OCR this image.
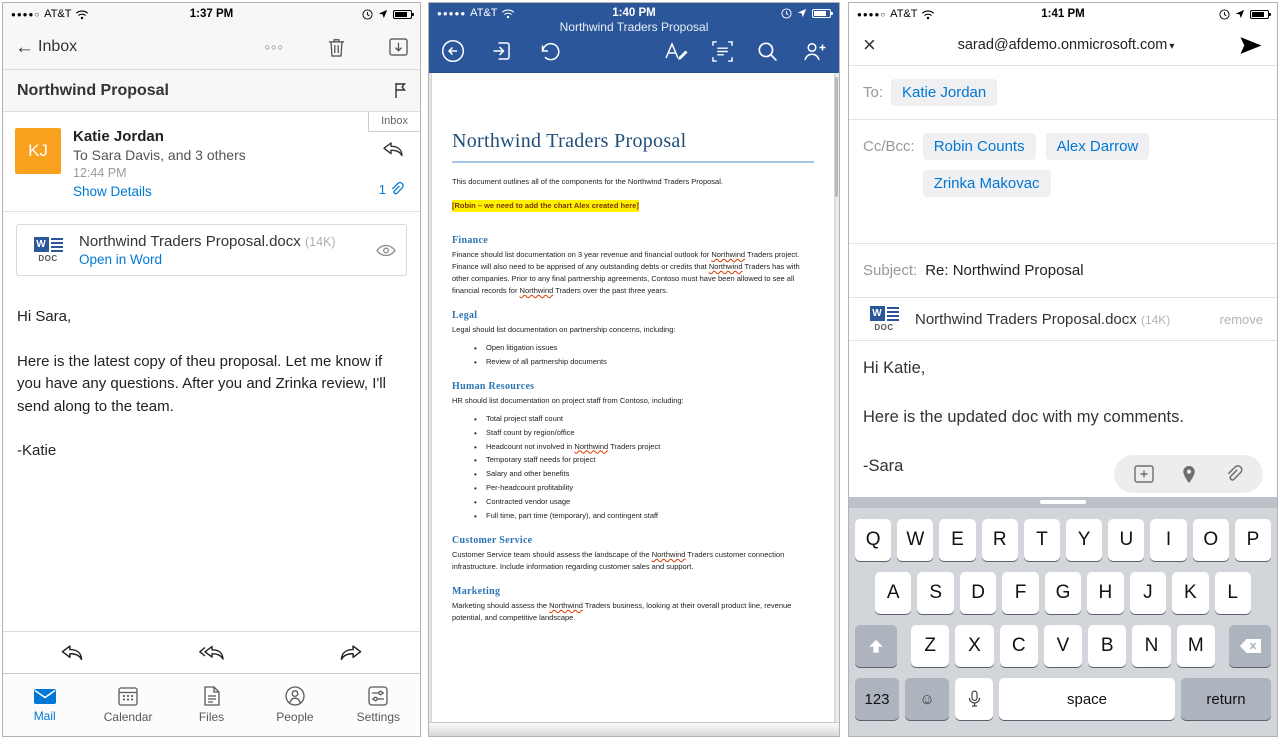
●●●●○ AT&T	1:37 PM
← Inbox	○○○
Northwind Proposal
Inbox
KJ
Katie Jordan
To Sara Davis, and 3 others
12:44 PM
Show Details	1
W
DOC
Northwind Traders Proposal.docx (14K)
Open in Word

Hi Sara,

Here is the latest copy of theu proposal. Let me know if you have any questions. After you and Zrinka review, I'll send along to the team.

-Katie

Mail	Calendar	Files	People	Settings
●●●●● AT&T	1:40 PM
Northwind Traders Proposal
Northwind Traders Proposal

This document outlines all of the components for the Northwind Traders Proposal.

[Robin – we need to add the chart Alex created here]
Finance

Finance should list documentation on 3 year revenue and financial outlook for Northwind Traders project. Finance will also need to be apprised of any outstanding debts or credits that Northwind Traders has with other companies. Prior to any final partnership agreements, Contoso must have been allowed to see all financial records for Northwind Traders over the past three years.

Legal

Legal should list documentation on partnership concerns, including:

• Open litigation issues
• Review of all partnership documents
Human Resources

HR should list documentation on project staff from Contoso, including:

• Total project staff count
• Staff count by region/office
• Headcount not involved in Northwind Traders project
• Temporary staff needs for project
• Salary and other benefits
• Per-headcount profitability
• Contracted vendor usage
• Full time, part time (temporary), and contingent staff
Customer Service

Customer Service team should assess the landscape of the Northwind Traders customer connection infrastructure. Include information regarding customer sales and support.

Marketing

Marketing should assess the Northwind Traders business, looking at their overall product line, revenue potential, and competitive landscape.

●●●●○ AT&T	1:41 PM
×	sarad@afdemo.onmicrosoft.com ▾
To:	Katie Jordan
Cc/Bcc:	Robin Counts	Alex Darrow
Zrinka Makovac
Subject: Re: Northwind Proposal
W
DOC Northwind Traders Proposal.docx (14K)	remove

Hi Katie,

Here is the updated doc with my comments.

-Sara

Q	W	E	R	T	Y	U	I	O	P
A	S	D	F	G	H	J	K	L
Z	X	C	V	B	N	M
123	☺	space	return
